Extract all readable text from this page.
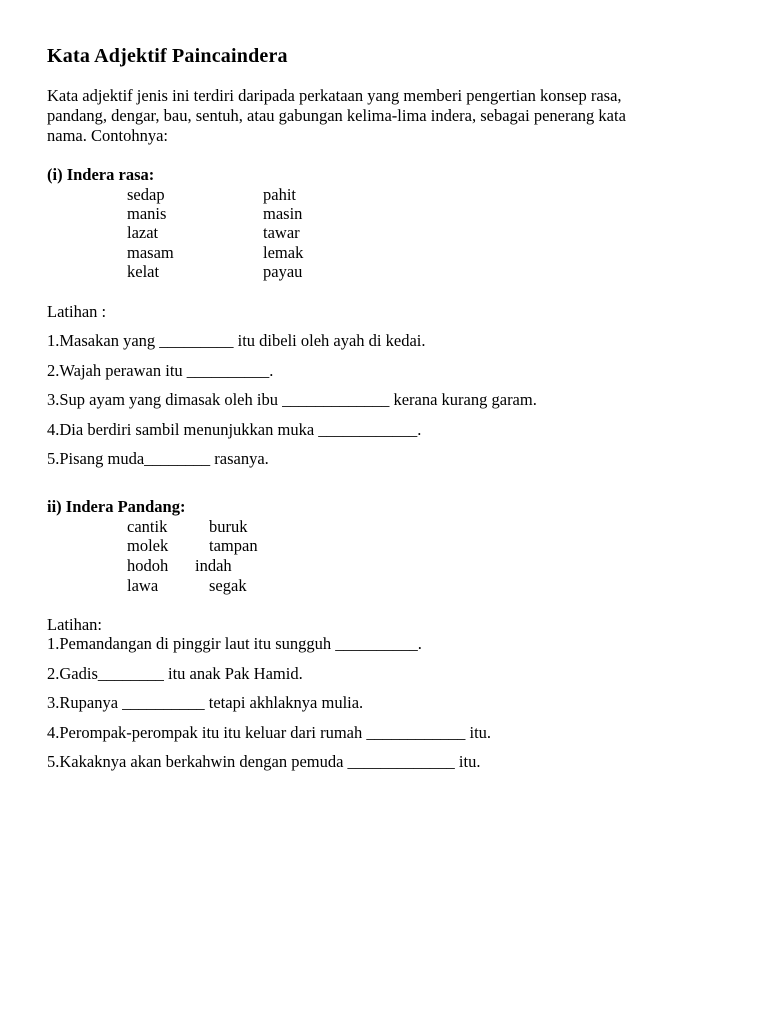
Kata Adjektif Paincaindera
Kata adjektif jenis ini terdiri daripada perkataan yang memberi pengertian konsep rasa,
pandang, dengar, bau, sentuh, atau gabungan kelima-lima indera, sebagai penerang kata
nama. Contohnya:
(i) Indera rasa:
sedap
manis
lazat
masam
kelat
pahit
masin
tawar
lemak
payau
Latihan :
1.Masakan yang _________ itu dibeli oleh ayah di kedai.
2.Wajah perawan itu __________.
3.Sup ayam yang dimasak oleh ibu _____________ kerana kurang garam.
4.Dia berdiri sambil menunjukkan muka ____________.
5.Pisang muda________ rasanya.
ii) Indera Pandang:
cantik
molek
hodoh
lawa
buruk
tampan
indah
segak
Latihan:
1.Pemandangan di pinggir laut itu sungguh __________.
2.Gadis________ itu anak Pak Hamid.
3.Rupanya __________ tetapi akhlaknya mulia.
4.Perompak-perompak itu itu keluar dari rumah ____________ itu.
5.Kakaknya akan berkahwin dengan pemuda _____________ itu.
